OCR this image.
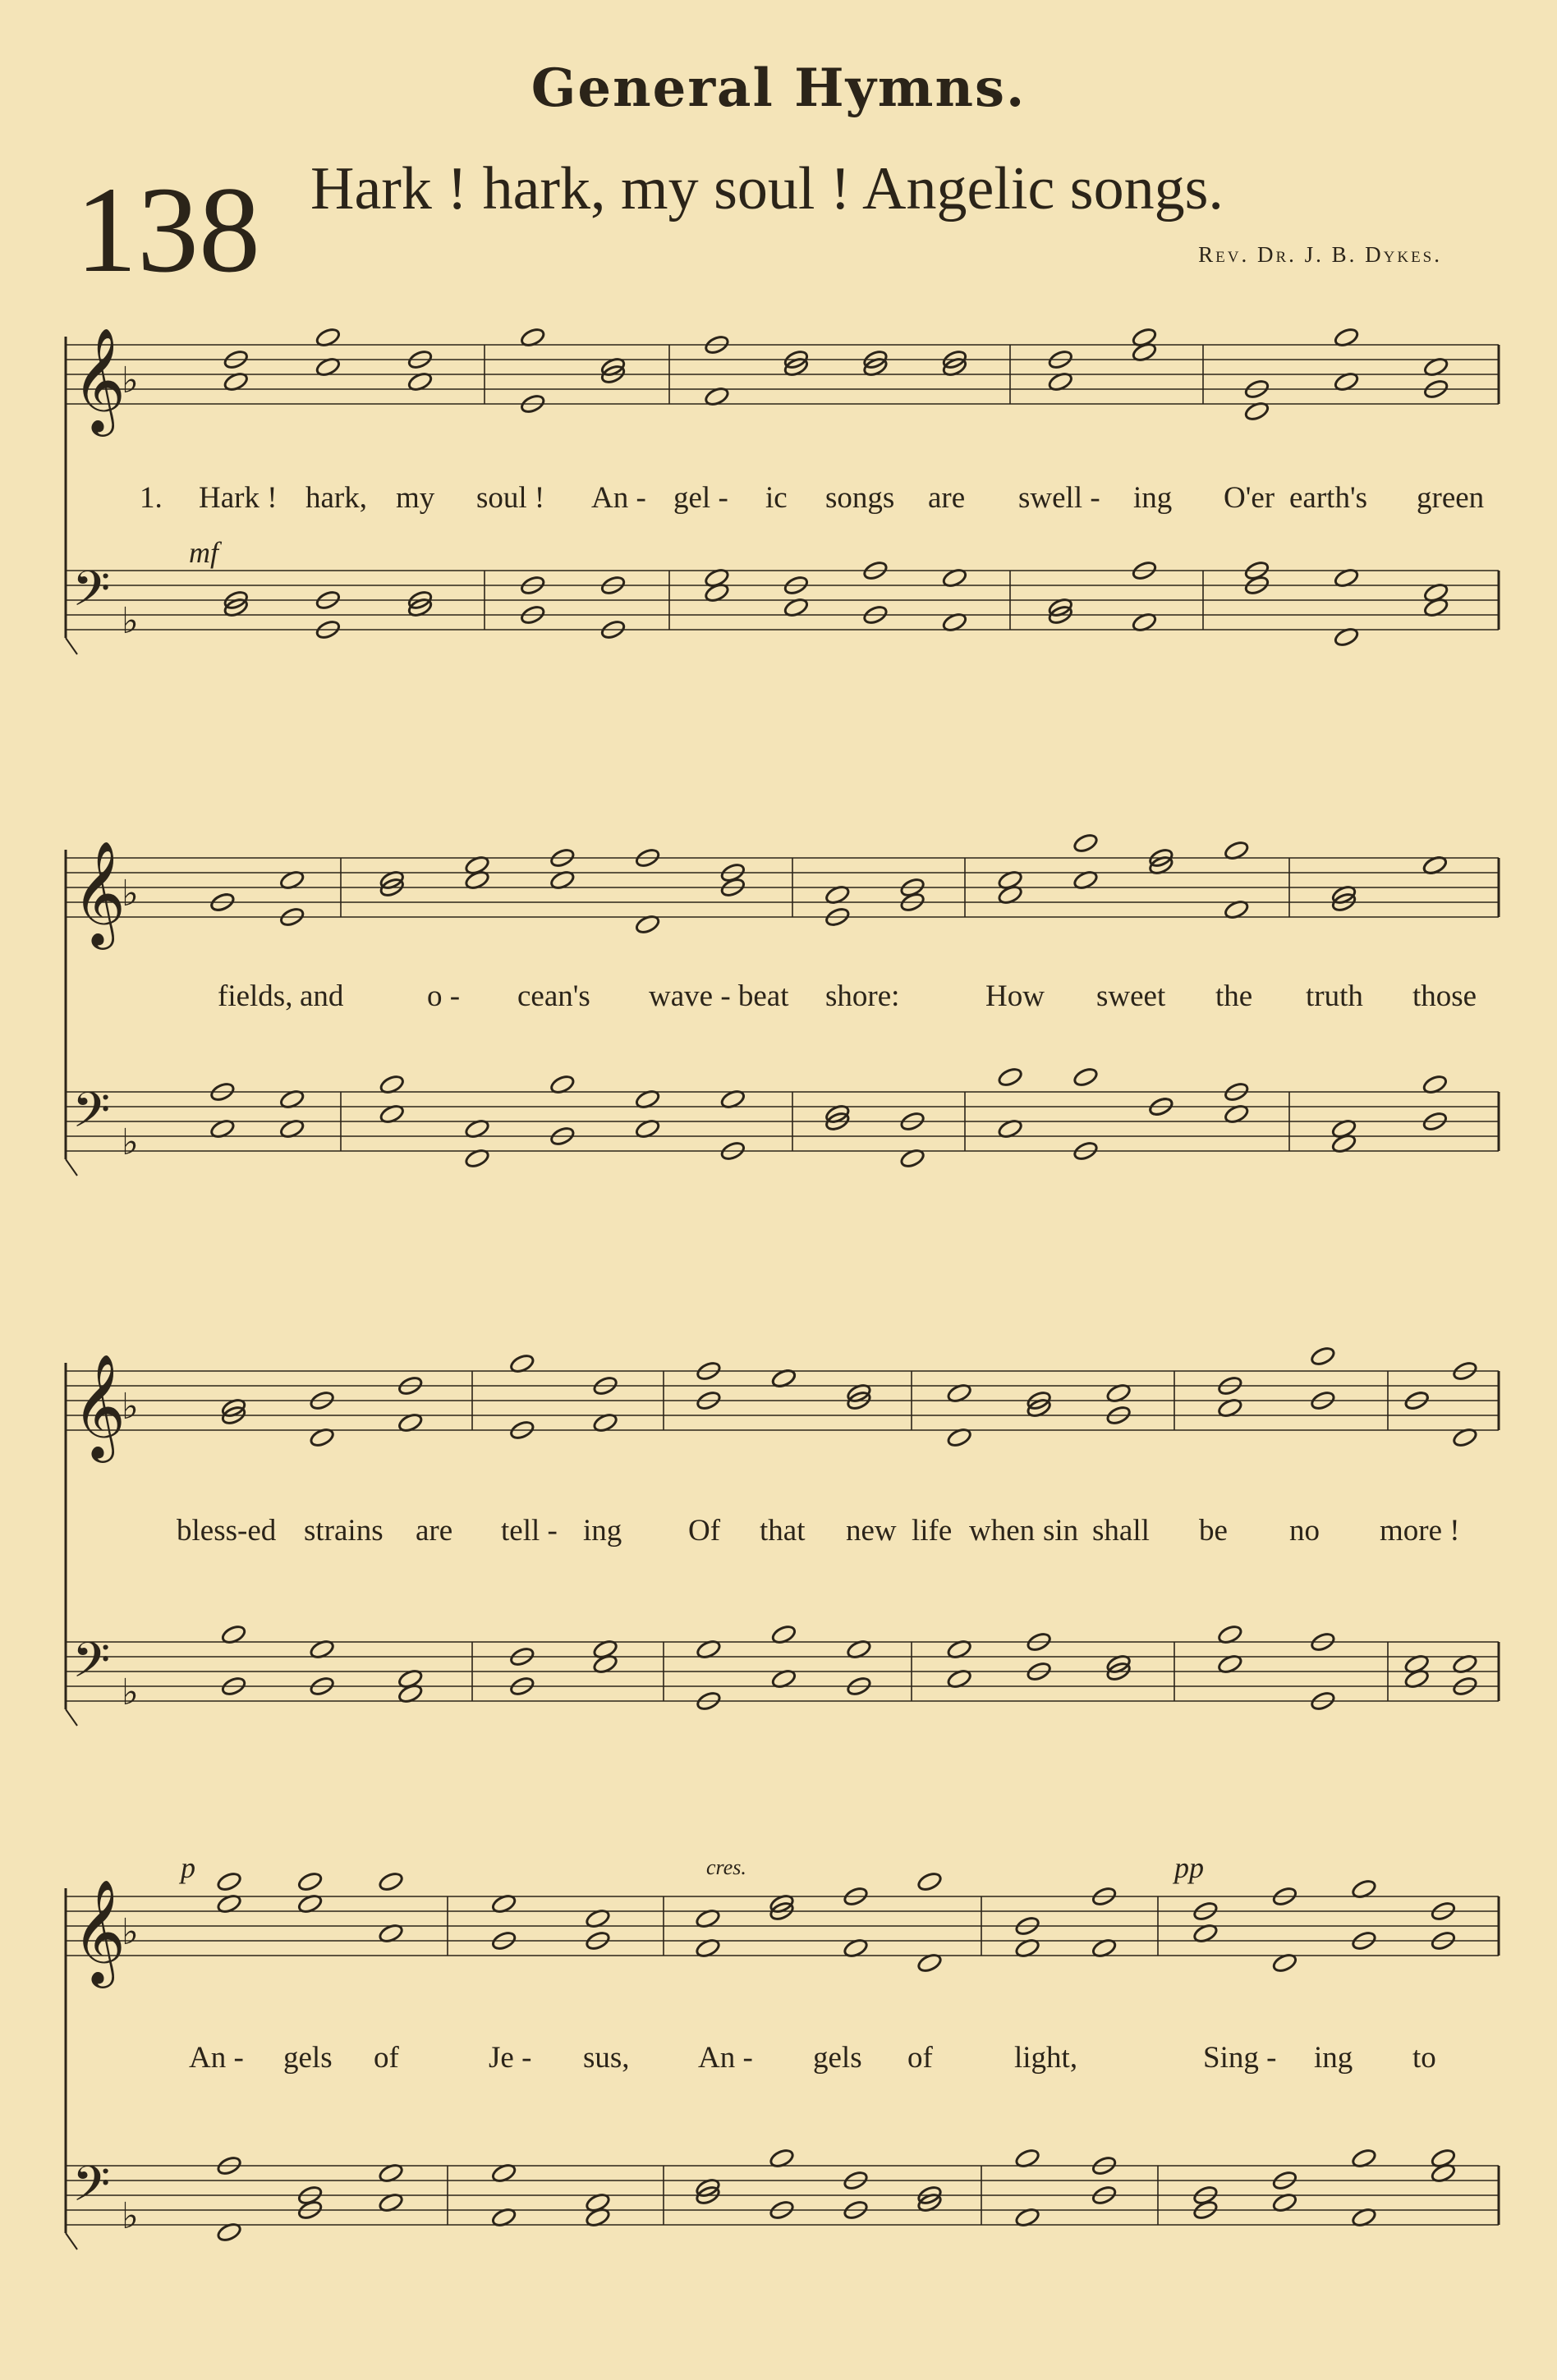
General Hymns.
138 Hark ! hark, my soul ! Angelic songs.
Rev. Dr. J. B. Dykes.
𝄞
♭
𝄢 ♭
mf
1. Hark ! hark, my soul ! An - gel - ic songs are swell - ing O'er earth's green
𝄞
♭
𝄢 ♭
fields, and	o - cean's wave - beat shore:	How sweet the truth those
𝄞
♭
𝄢 ♭
bless-ed strains are tell - ing Of that new life when sin shall be no more !
𝄞
♭
𝄢 ♭
p	cres.	pp
An - gels of	Je - sus, An - gels of	light,	Sing - ing to
